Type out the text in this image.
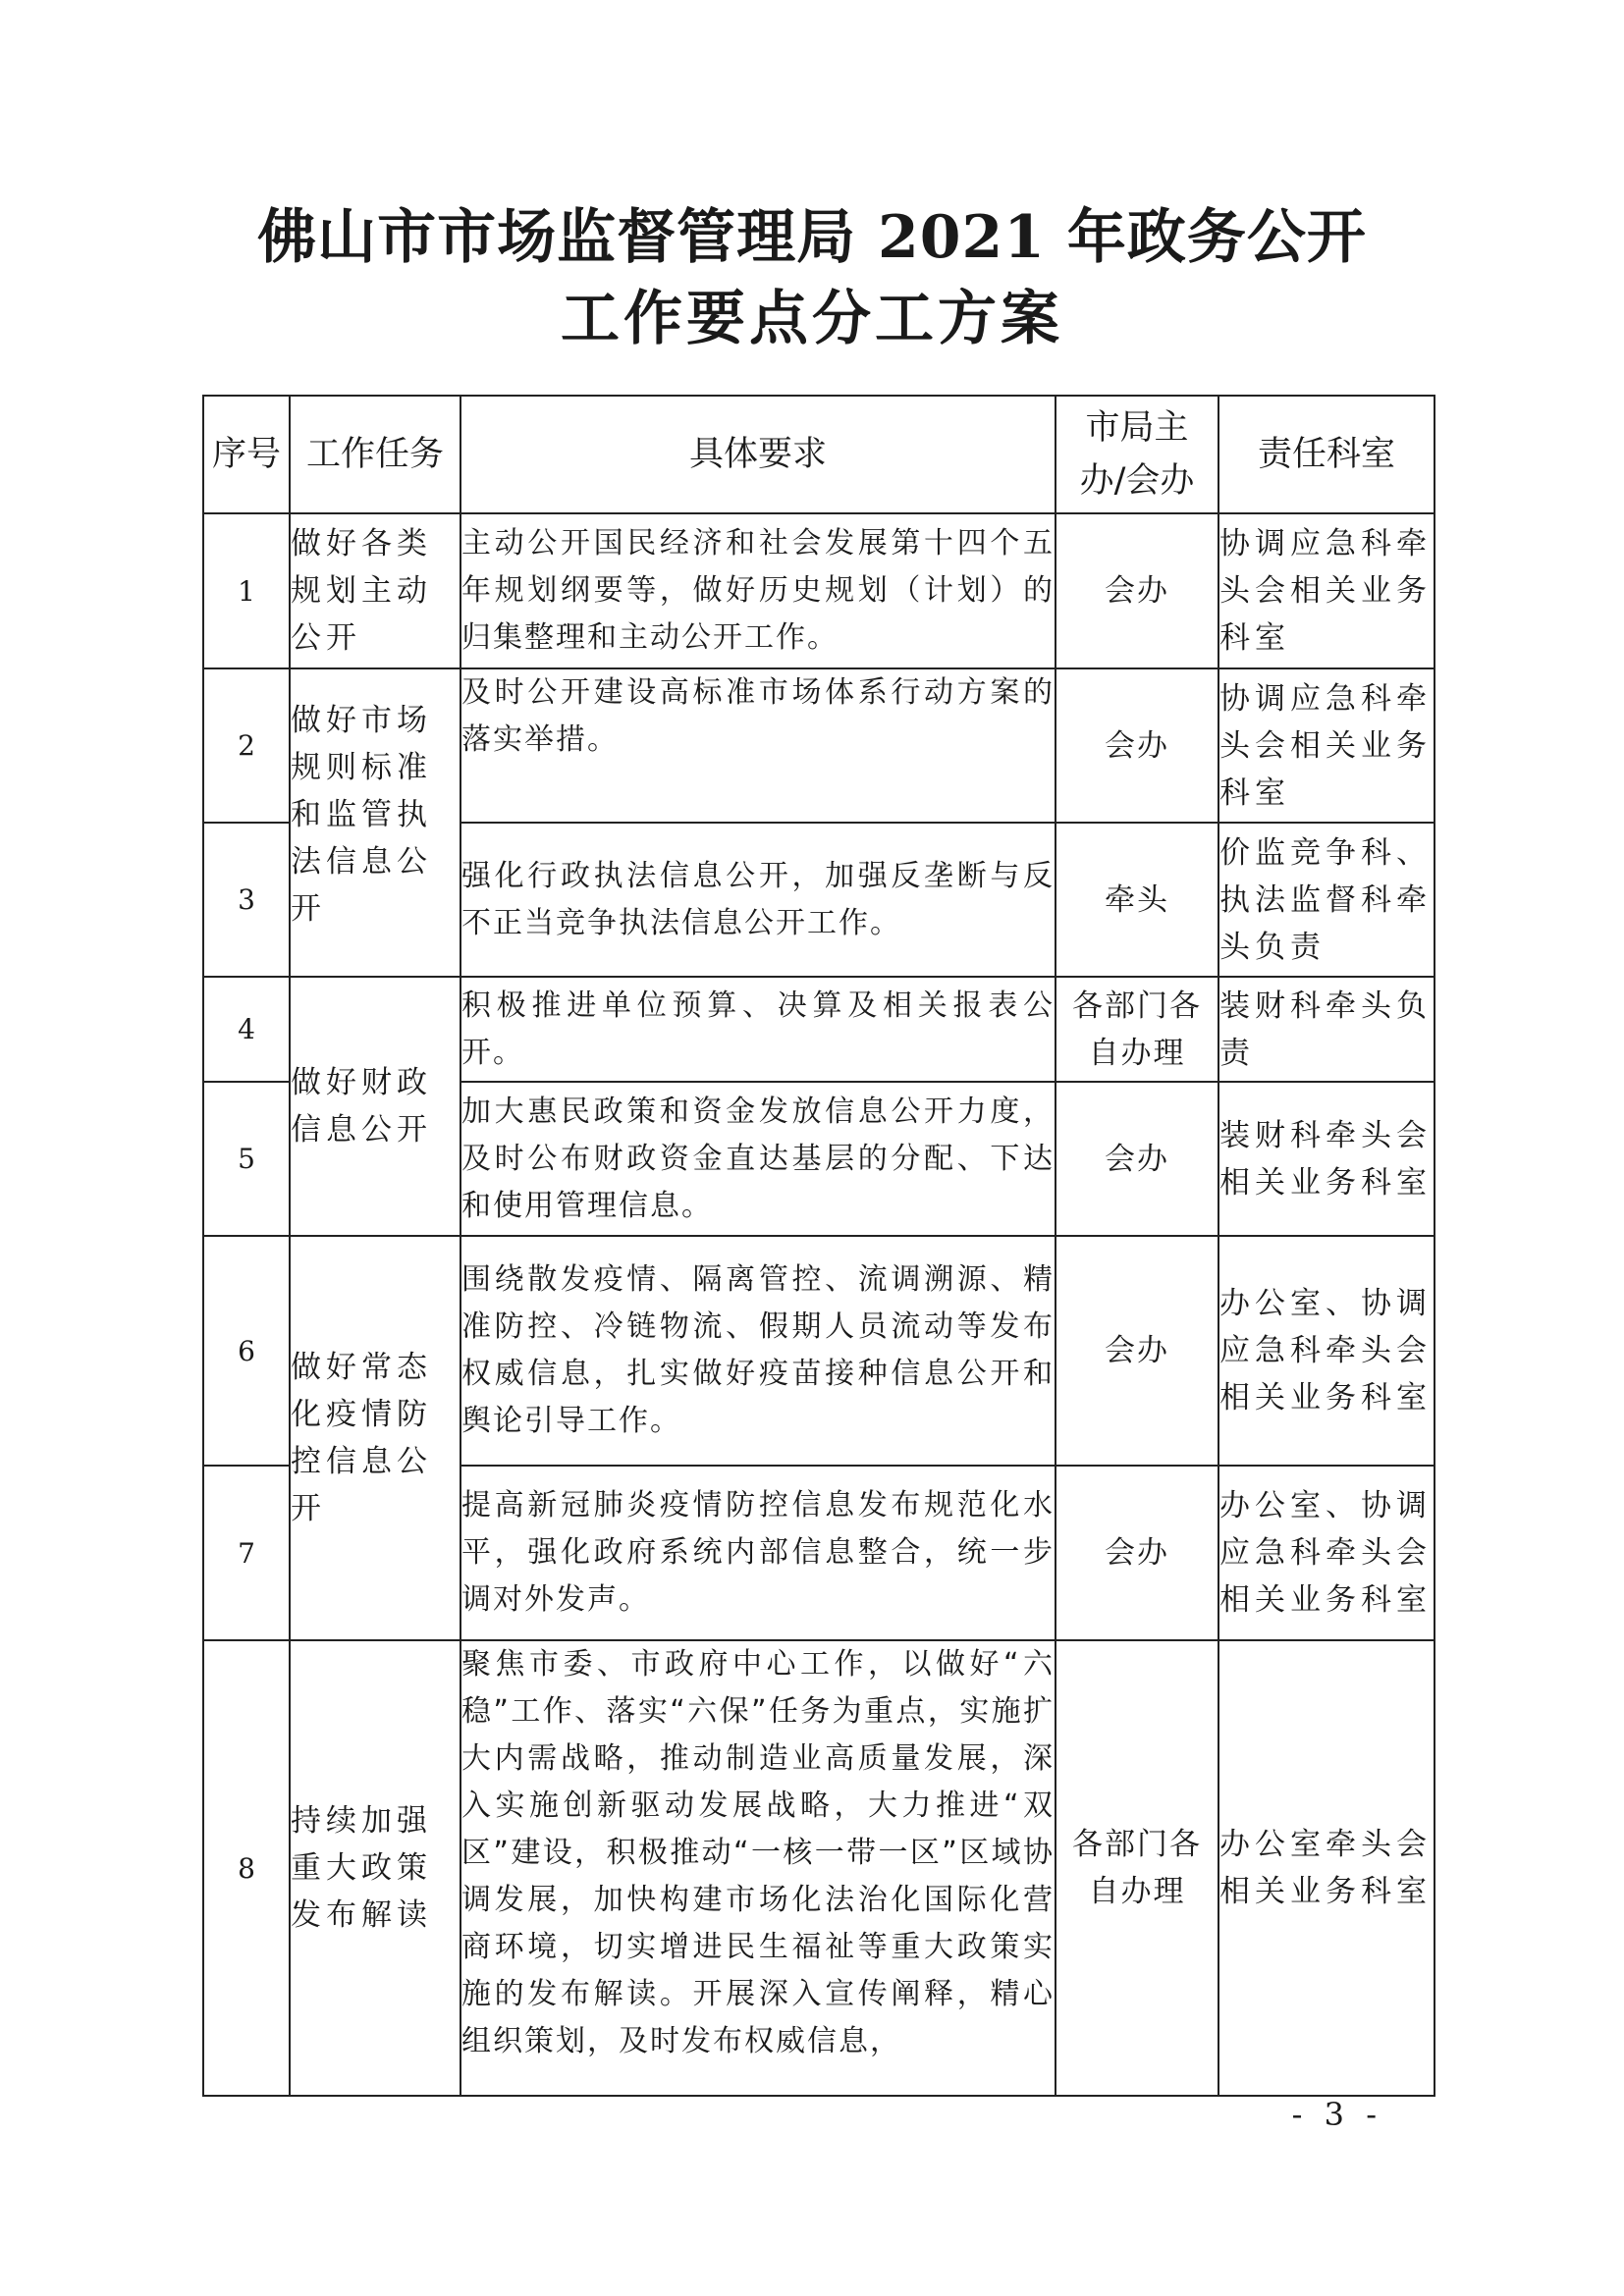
佛山市市场监督管理局 2021 年政务公开
工作要点分工方案
序号	工作任务	具体要求	市局主办/会办	责任科室
1	做好各类规划主动公开	主动公开国民经济和社会发展第十四个五年规划纲要等，做好历史规划（计划）的归集整理和主动公开工作。	会办	协调应急科牵头会相关业务科室
2	做好市场规则标准和监管执法信息公开	及时公开建设高标准市场体系行动方案的落实举措。	会办	协调应急科牵头会相关业务科室
3		强化行政执法信息公开，加强反垄断与反不正当竞争执法信息公开工作。	牵头	价监竞争科、执法监督科牵头负责
4	做好财政信息公开	积极推进单位预算、决算及相关报表公开。	各部门各自办理	装财科牵头负责
5		加大惠民政策和资金发放信息公开力度，及时公布财政资金直达基层的分配、下达和使用管理信息。	会办	装财科牵头会相关业务科室
6	做好常态化疫情防控信息公开	围绕散发疫情、隔离管控、流调溯源、精准防控、冷链物流、假期人员流动等发布权威信息，扎实做好疫苗接种信息公开和舆论引导工作。	会办	办公室、协调应急科牵头会相关业务科室
7		提高新冠肺炎疫情防控信息发布规范化水平，强化政府系统内部信息整合，统一步调对外发声。	会办	办公室、协调应急科牵头会相关业务科室
8	持续加强重大政策发布解读	聚焦市委、市政府中心工作，以做好“六稳”工作、落实“六保”任务为重点，实施扩大内需战略，推动制造业高质量发展，深入实施创新驱动发展战略，大力推进“双区”建设，积极推动“一核一带一区”区域协调发展，加快构建市场化法治化国际化营商环境，切实增进民生福祉等重大政策实施的发布解读。开展深入宣传阐释，精心组织策划，及时发布权威信息，	各部门各自办理	办公室牵头会相关业务科室
- 3 -
